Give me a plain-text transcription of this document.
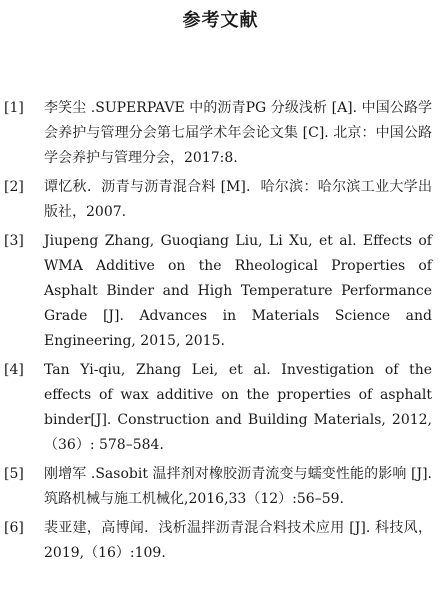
参考文献
[1]	李笑尘 .SUPERPAVE 中的沥青PG 分级浅析 [A]. 中国公路学会养护与管理分会第七届学术年会论文集 [C]. 北京：中国公路学会养护与管理分会，2017:8.
[2]	谭忆秋．沥青与沥青混合料 [M]．哈尔滨：哈尔滨工业大学出版社，2007.
[3]	Jiupeng Zhang, Guoqiang Liu, Li Xu, et al. Effects of WMA Additive on the Rheological Properties of Asphalt Binder and High Temperature Performance Grade [J]. Advances in Materials Science and Engineering, 2015, 2015.
[4]	Tan Yi-qiu, Zhang Lei, et al. Investigation of the effects of wax additive on the properties of asphalt binder[J]. Construction and Building Materials, 2012,（36）: 578–584.
[5]	刚增军 .Sasobit 温拌剂对橡胶沥青流变与蠕变性能的影响 [J]. 筑路机械与施工机械化,2016,33（12）:56–59.
[6]	裴亚建，高博闻．浅析温拌沥青混合料技术应用 [J]. 科技风，2019,（16）:109.
